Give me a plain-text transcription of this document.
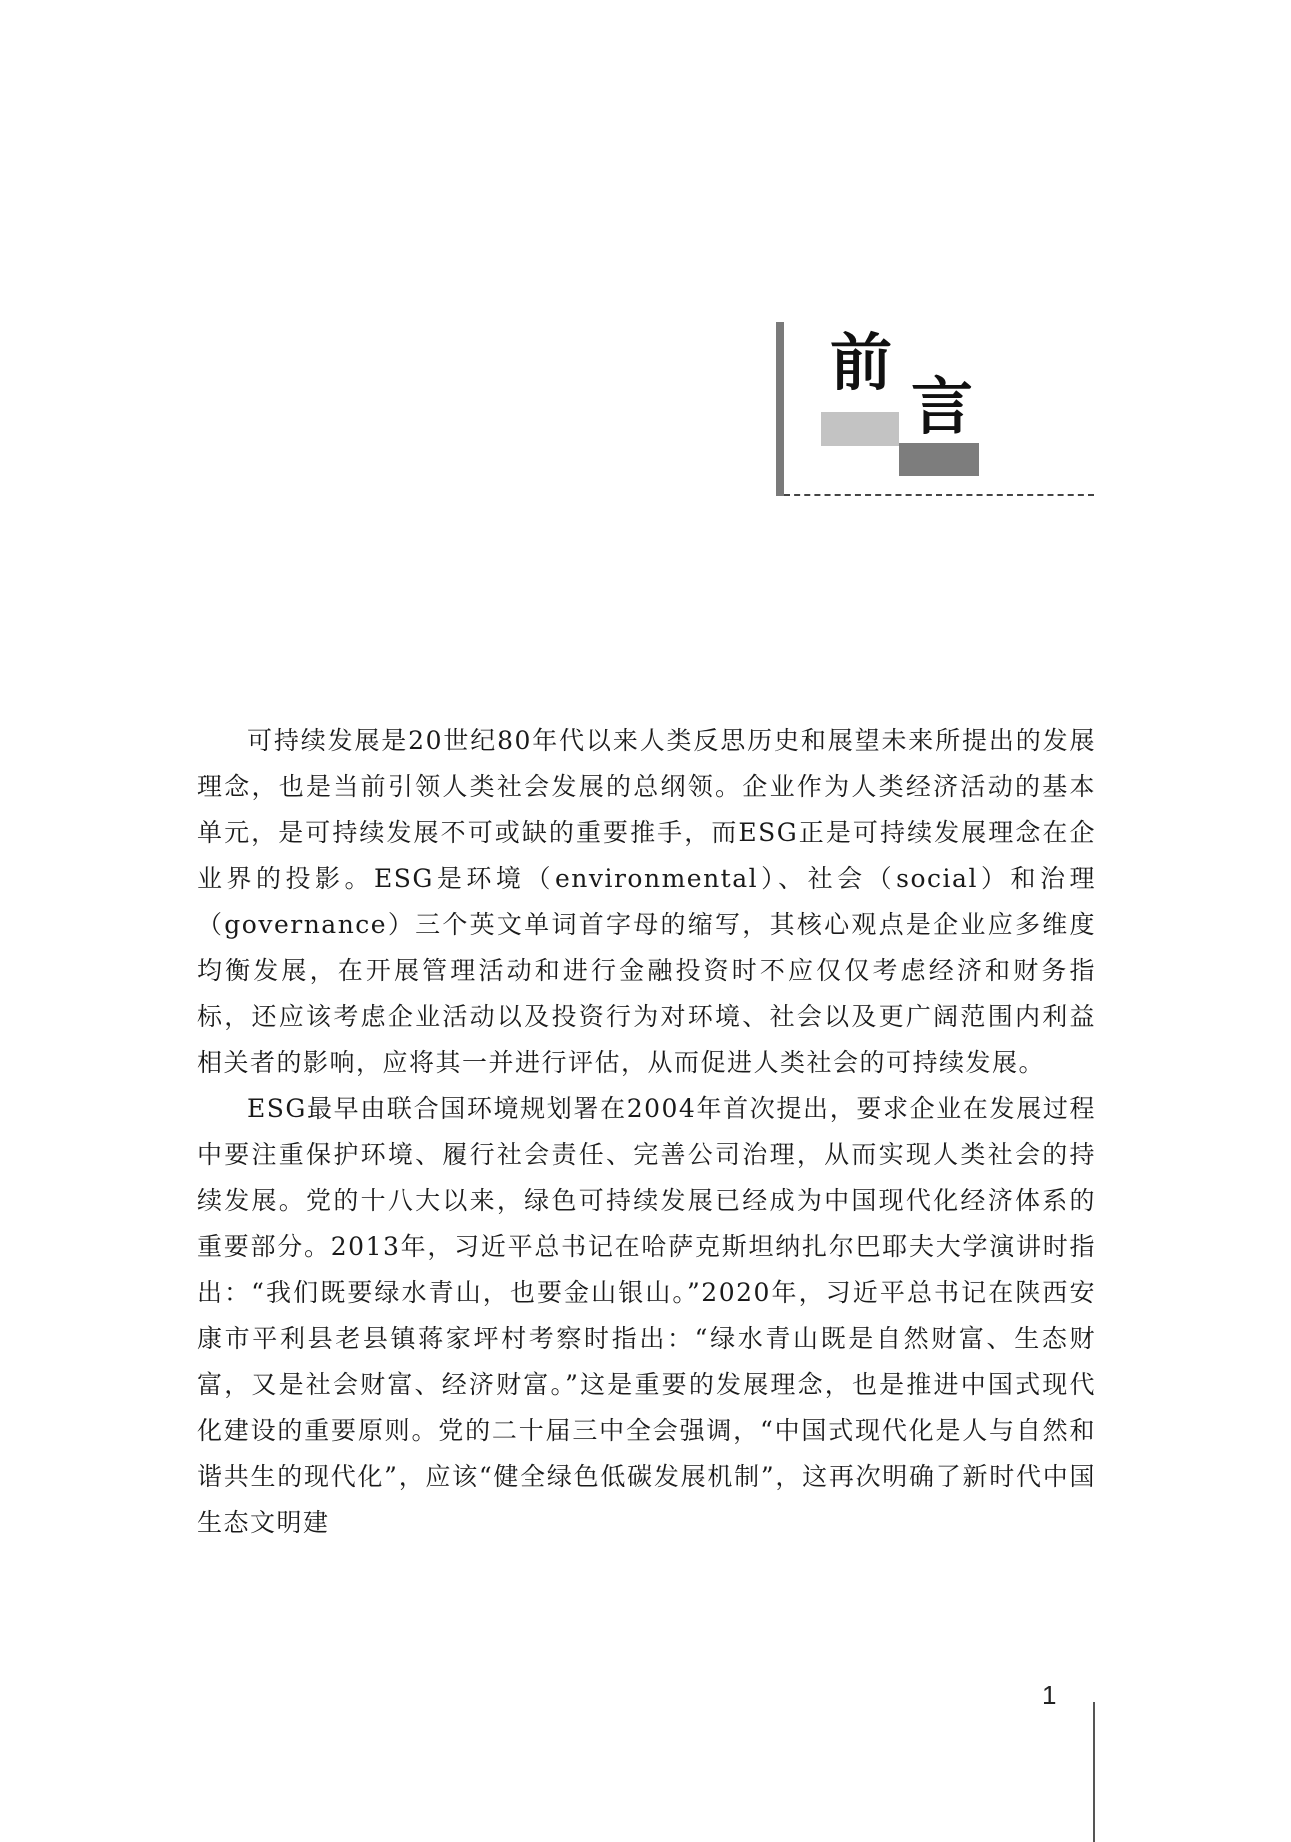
前
言

可持续发展是20世纪80年代以来人类反思历史和展望未来所提出的发展理念，也是当前引领人类社会发展的总纲领。企业作为人类经济活动的基本单元，是可持续发展不可或缺的重要推手，而ESG正是可持续发展理念在企业界的投影。ESG是环境（environmental）、社会（social）和治理（governance）三个英文单词首字母的缩写，其核心观点是企业应多维度均衡发展，在开展管理活动和进行金融投资时不应仅仅考虑经济和财务指标，还应该考虑企业活动以及投资行为对环境、社会以及更广阔范围内利益相关者的影响，应将其一并进行评估，从而促进人类社会的可持续发展。

ESG最早由联合国环境规划署在2004年首次提出，要求企业在发展过程中要注重保护环境、履行社会责任、完善公司治理，从而实现人类社会的持续发展。党的十八大以来，绿色可持续发展已经成为中国现代化经济体系的重要部分。2013年，习近平总书记在哈萨克斯坦纳扎尔巴耶夫大学演讲时指出：“我们既要绿水青山，也要金山银山。”2020年，习近平总书记在陕西安康市平利县老县镇蒋家坪村考察时指出：“绿水青山既是自然财富、生态财富，又是社会财富、经济财富。”这是重要的发展理念，也是推进中国式现代化建设的重要原则。党的二十届三中全会强调，“中国式现代化是人与自然和谐共生的现代化”，应该“健全绿色低碳发展机制”，这再次明确了新时代中国生态文明建

1
